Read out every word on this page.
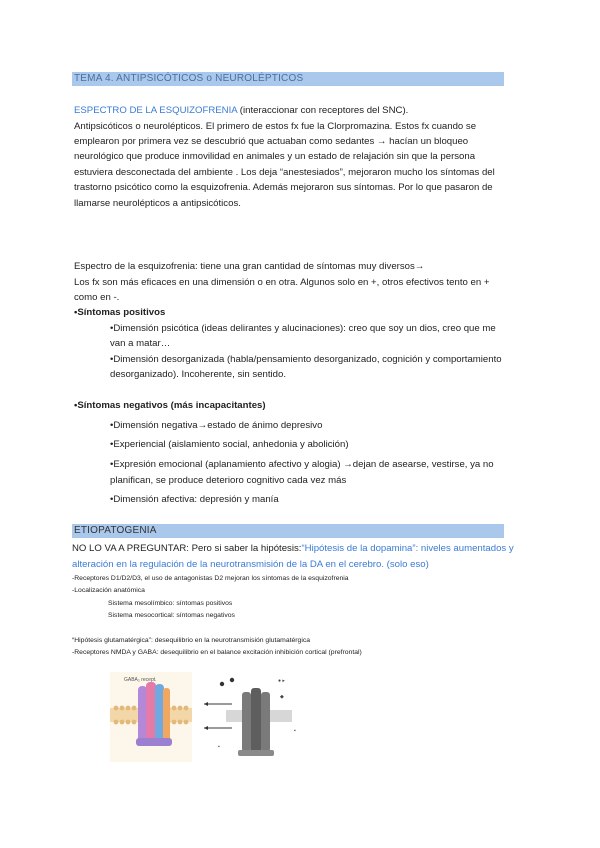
TEMA 4. ANTIPSICÓTICOS o NEUROLÉPTICOS
ESPECTRO DE LA ESQUIZOFRENIA (interaccionar con receptores del SNC).
Antipsicóticos o neurolépticos. El primero de estos fx fue la Clorpromazina. Estos fx cuando se
emplearon por primera vez se descubrió que actuaban como sedantes → hacían un bloqueo
neurológico que produce inmovilidad en animales y un estado de relajación sin que la persona
estuviera desconectada del ambiente . Los deja “anestesiados”, mejoraron mucho los síntomas del
trastorno psicótico como la esquizofrenia. Además mejoraron sus síntomas. Por lo que pasaron de
llamarse neurolépticos a antipsicóticos.
Espectro de la esquizofrenia: tiene una gran cantidad de síntomas muy diversos→
Los fx son más eficaces en una dimensión o en otra. Algunos solo en +, otros efectivos tento en +
como en -.
•Síntomas positivos
•Dimensión psicótica (ideas delirantes y alucinaciones): creo que soy un dios, creo que me
van a matar…
•Dimensión desorganizada (habla/pensamiento desorganizado, cognición y comportamiento
desorganizado). Incoherente, sin sentido.
•Síntomas negativos (más incapacitantes)
•Dimensión negativa→estado de ánimo depresivo
•Experiencial (aislamiento social, anhedonia y abolición)
•Expresión emocional (aplanamiento afectivo y alogia) →dejan de asearse, vestirse, ya no
planifican, se produce deterioro cognitivo cada vez más
•Dimensión afectiva: depresión y manía
ETIOPATOGENIA
NO LO VA A PREGUNTAR: Pero si saber la hipótesis:“Hipótesis de la dopamina”: niveles aumentados y
alteración en la regulación de la neurotransmisión de la DA en el cerebro. (solo eso)
-Receptores D1/D2/D3, el uso de antagonistas D2 mejoran los síntomas de la esquizofrenia
-Localización anatómica
Sistema mesolímbico: síntomas positivos
Sistema mesocortical: síntomas negativos
“Hipótesis glutamatérgica”: desequilibrio en la neurotransmisión glutamatérgica
-Receptores NMDA y GABA: desequilibrio en el balance excitación inhibición cortical (prefrontal)
GABA₂ recept.	● ▸
◆
▪
▪
